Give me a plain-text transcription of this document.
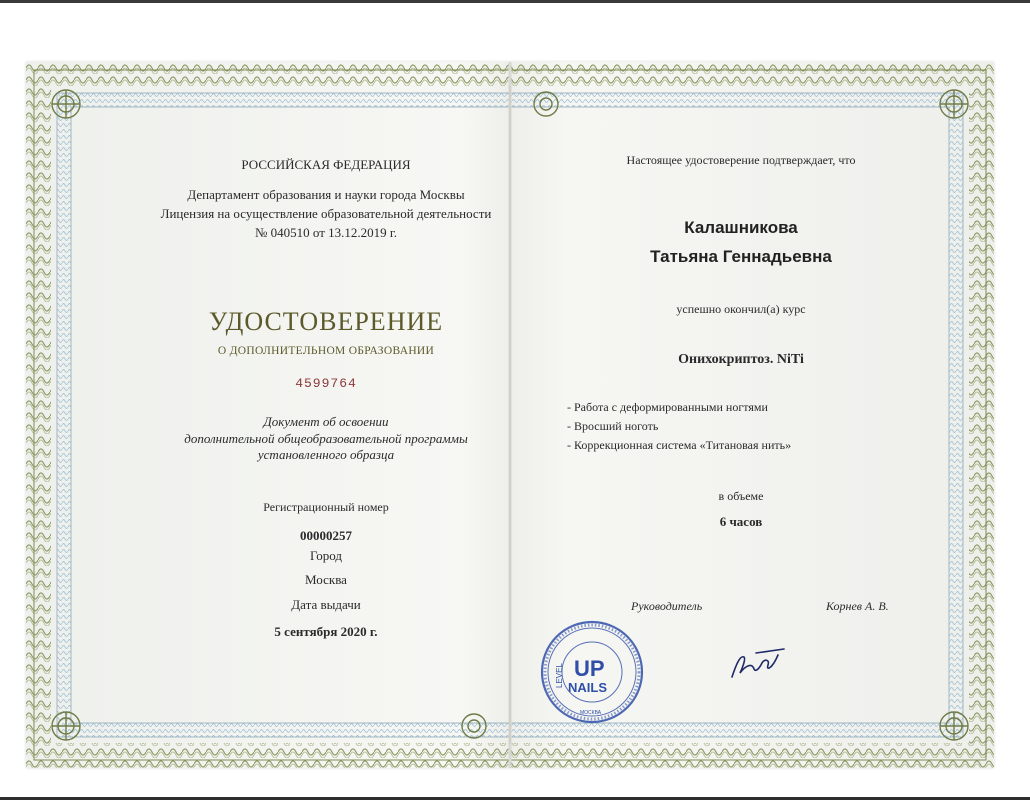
РОССИЙСКАЯ ФЕДЕРАЦИЯ
Департамент образования и науки города Москвы
Лицензия на осуществление образовательной деятельности
№ 040510 от 13.12.2019 г.
УДОСТОВЕРЕНИЕ
О ДОПОЛНИТЕЛЬНОМ ОБРАЗОВАНИИ
4599764
Документ об освоении
дополнительной общеобразовательной программы
установленного образца
Регистрационный номер
00000257
Город
Москва
Дата выдачи
5 сентября 2020 г.
Настоящее удостоверение подтверждает, что
Калашникова
Татьяна Геннадьевна
успешно окончил(а) курс
Онихокриптоз. NiTi
- Работа с деформированными ногтями
- Вросший ноготь
- Коррекционная система «Титановая нить»
в объеме
6 часов
Руководитель	Корнев А. В.
LEVEL UP
NAILS
МОСКВА
